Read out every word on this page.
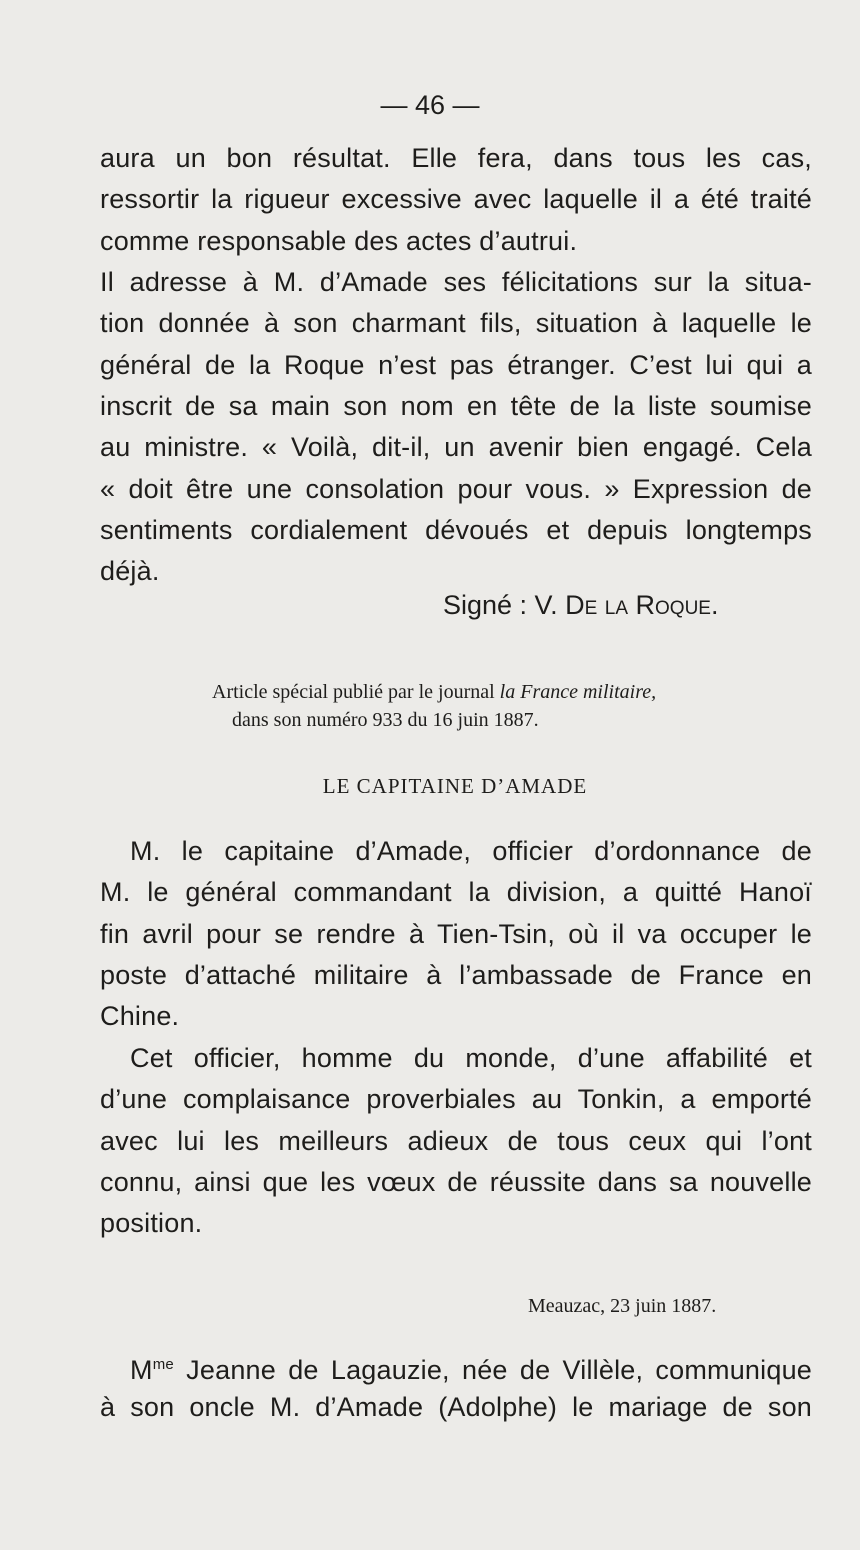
— 46 —
aura un bon résultat. Elle fera, dans tous les cas,
ressortir la rigueur excessive avec laquelle il a été traité
comme responsable des actes d’autrui.
Il adresse à M. d’Amade ses félicitations sur la situa-
tion donnée à son charmant fils, situation à laquelle le
général de la Roque n’est pas étranger. C’est lui qui a
inscrit de sa main son nom en tête de la liste soumise
au ministre. « Voilà, dit-il, un avenir bien engagé. Cela
« doit être une consolation pour vous. » Expression de
sentiments cordialement dévoués et depuis longtemps
déjà.
Signé : V. De la Roque.
Article spécial publié par le journal la France militaire,
dans son numéro 933 du 16 juin 1887.
LE CAPITAINE D’AMADE
M. le capitaine d’Amade, officier d’ordonnance de
M. le général commandant la division, a quitté Hanoï
fin avril pour se rendre à Tien-Tsin, où il va occuper le
poste d’attaché militaire à l’ambassade de France en
Chine.
Cet officier, homme du monde, d’une affabilité et
d’une complaisance proverbiales au Tonkin, a emporté
avec lui les meilleurs adieux de tous ceux qui l’ont
connu, ainsi que les vœux de réussite dans sa nouvelle
position.
Meauzac, 23 juin 1887.
$M^{me}$ Jeanne de Lagauzie, née de Villèle, communique
à son oncle M. d’Amade (Adolphe) le mariage de son
